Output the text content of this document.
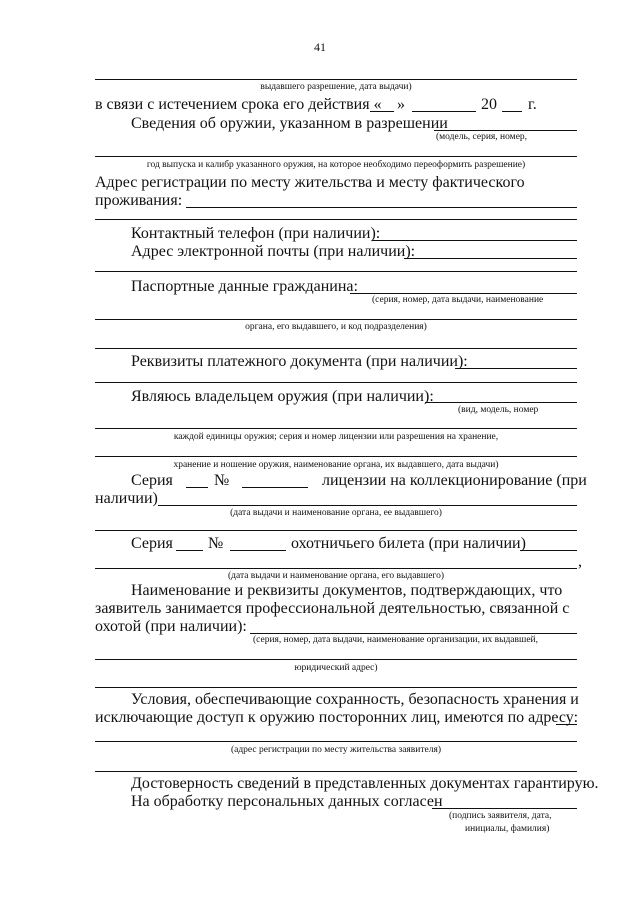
41
выдавшего разрешение, дата выдачи)
в связи с истечением срока его действия « »	20 г.
Сведения об оружии, указанном в разрешении
(модель, серия, номер,
год выпуска и калибр указанного оружия, на которое необходимо переоформить разрешение)
Адрес регистрации по месту жительства и месту фактического
проживания:
Контактный телефон (при наличии):
Адрес электронной почты (при наличии):
Паспортные данные гражданина:
(серия, номер, дата выдачи, наименование
органа, его выдавшего, и код подразделения)
Реквизиты платежного документа (при наличии):
Являюсь владельцем оружия (при наличии):
(вид, модель, номер
каждой единицы оружия; серия и номер лицензии или разрешения на хранение,
хранение и ношение оружия, наименование органа, их выдавшего, дата выдачи)
Серия	№	лицензии на коллекционирование (при
наличии)
(дата выдачи и наименование органа, ее выдавшего)
Серия №	охотничьего билета (при наличии)
,
(дата выдачи и наименование органа, его выдавшего)
Наименование и реквизиты документов, подтверждающих, что
заявитель занимается профессиональной деятельностью, связанной с
охотой (при наличии):
(серия, номер, дата выдачи, наименование организации, их выдавшей,
юридический адрес)
Условия, обеспечивающие сохранность, безопасность хранения и
исключающие доступ к оружию посторонних лиц, имеются по адресу:
(адрес регистрации по месту жительства заявителя)
Достоверность сведений в представленных документах гарантирую.
На обработку персональных данных согласен
(подпись заявителя, дата,
инициалы, фамилия)
